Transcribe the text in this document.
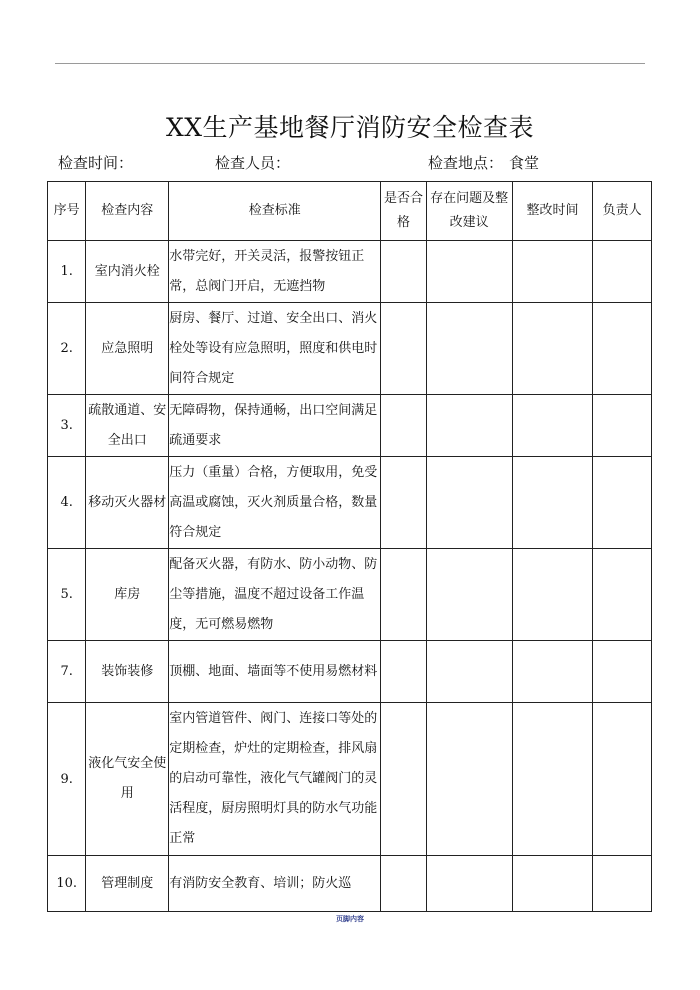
XX生产基地餐厅消防安全检查表
检查时间：	检查人员：	检查地点： 食堂
序号	检查内容	检查标准	是否合格	存在问题及整改建议	整改时间	负责人
1.	室内消火栓	水带完好，开关灵活，报警按钮正常，总阀门开启，无遮挡物				
2.	应急照明	厨房、餐厅、过道、安全出口、消火栓处等设有应急照明，照度和供电时间符合规定				
3.	疏散通道、安全出口	无障碍物，保持通畅，出口空间满足疏通要求				
4.	移动灭火器材	压力（重量）合格，方便取用，免受高温或腐蚀，灭火剂质量合格，数量符合规定				
5.	库房	配备灭火器，有防水、防小动物、防尘等措施，温度不超过设备工作温度，无可燃易燃物				
7.	装饰装修	顶棚、地面、墙面等不使用易燃材料				
9.	液化气安全使用	室内管道管件、阀门、连接口等处的定期检查，炉灶的定期检查，排风扇的启动可靠性，液化气气罐阀门的灵活程度，厨房照明灯具的防水气功能正常				
10.	管理制度	有消防安全教育、培训；防火巡				
页脚内容
